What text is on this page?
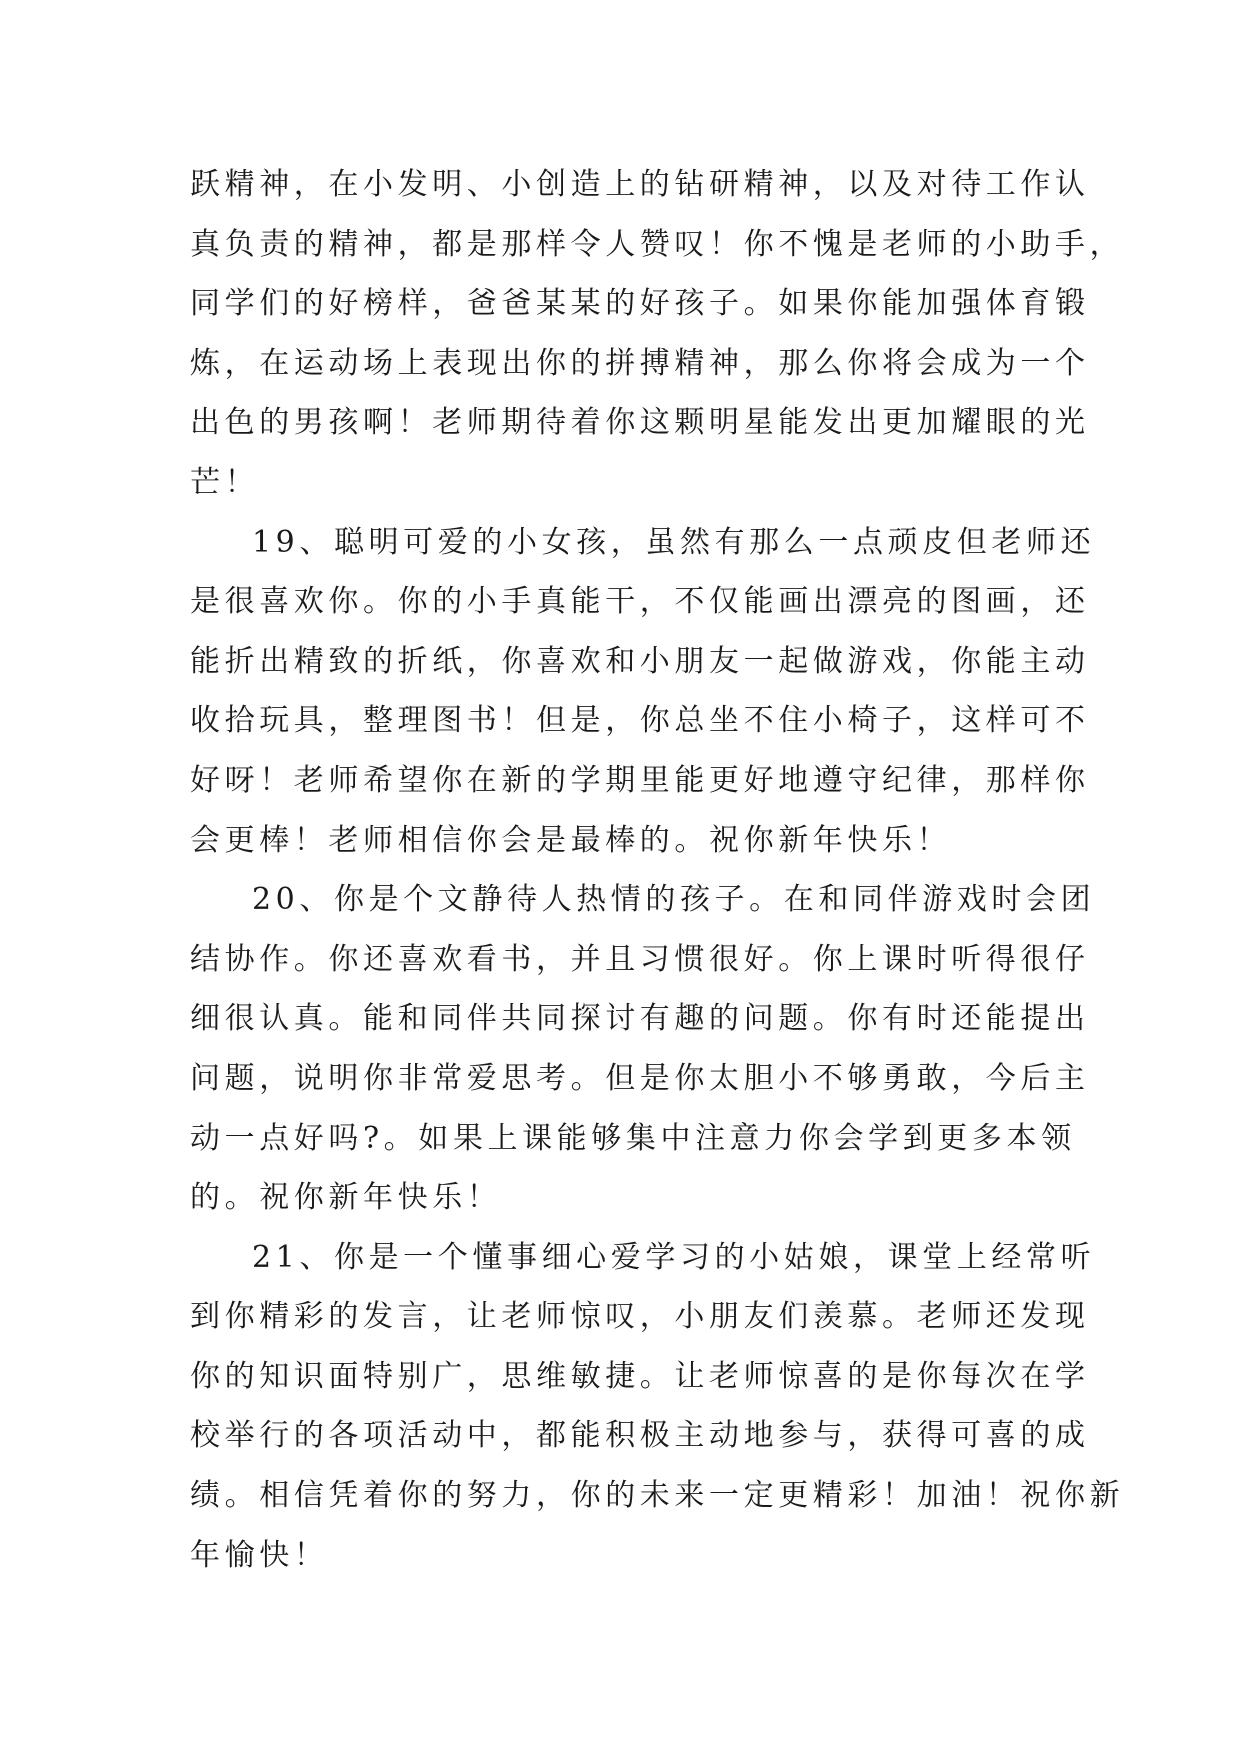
跃精神，在小发明、小创造上的钻研精神，以及对待工作认
真负责的精神，都是那样令人赞叹！你不愧是老师的小助手，
同学们的好榜样，爸爸某某的好孩子。如果你能加强体育锻
炼，在运动场上表现出你的拼搏精神，那么你将会成为一个
出色的男孩啊！老师期待着你这颗明星能发出更加耀眼的光
芒！
19、聪明可爱的小女孩，虽然有那么一点顽皮但老师还
是很喜欢你。你的小手真能干，不仅能画出漂亮的图画，还
能折出精致的折纸，你喜欢和小朋友一起做游戏，你能主动
收拾玩具，整理图书！但是，你总坐不住小椅子，这样可不
好呀！老师希望你在新的学期里能更好地遵守纪律，那样你
会更棒！老师相信你会是最棒的。祝你新年快乐！
20、你是个文静待人热情的孩子。在和同伴游戏时会团
结协作。你还喜欢看书，并且习惯很好。你上课时听得很仔
细很认真。能和同伴共同探讨有趣的问题。你有时还能提出
问题，说明你非常爱思考。但是你太胆小不够勇敢，今后主
动一点好吗?。如果上课能够集中注意力你会学到更多本领
的。祝你新年快乐！
21、你是一个懂事细心爱学习的小姑娘，课堂上经常听
到你精彩的发言，让老师惊叹，小朋友们羡慕。老师还发现
你的知识面特别广，思维敏捷。让老师惊喜的是你每次在学
校举行的各项活动中，都能积极主动地参与，获得可喜的成
绩。相信凭着你的努力，你的未来一定更精彩！加油！祝你新
年愉快！
